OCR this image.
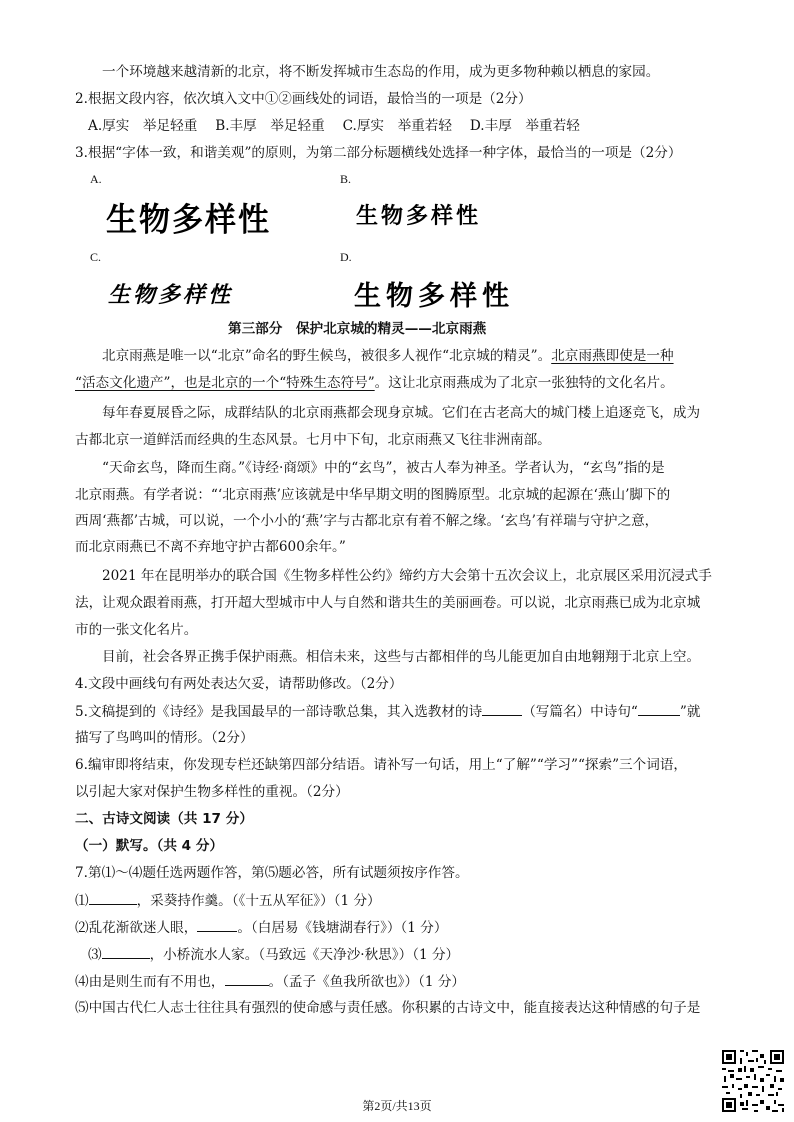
一个环境越来越清新的北京，将不断发挥城市生态岛的作用，成为更多物种赖以栖息的家园。
2.根据文段内容，依次填入文中①②画线处的词语，最恰当的一项是（2分）
A.厚实　举足轻重　 B.丰厚　举足轻重　 C.厚实　举重若轻　 D.丰厚　举重若轻
3.根据“字体一致，和谐美观”的原则，为第二部分标题横线处选择一种字体，最恰当的一项是（2分）
A.	B.
生物多样性	生物多样性
C.	D.
生物多样性	生物多样性
第三部分　保护北京城的精灵——北京雨燕
北京雨燕是唯一以“北京”命名的野生候鸟，被很多人视作“北京城的精灵”。北京雨燕即使是一种
“活态文化遗产”，也是北京的一个“特殊生态符号”。这让北京雨燕成为了北京一张独特的文化名片。
每年春夏展昏之际，成群结队的北京雨燕都会现身京城。它们在古老高大的城门楼上追逐竞飞，成为
古都北京一道鲜活而经典的生态风景。七月中下旬，北京雨燕又飞往非洲南部。
“天命玄鸟，降而生商。”《诗经·商颂》中的“玄鸟”，被古人奉为神圣。学者认为，“玄鸟”指的是
北京雨燕。有学者说：“‘北京雨燕’应该就是中华早期文明的图腾原型。北京城的起源在‘燕山’脚下的
西周‘燕都’古城，可以说，一个小小的‘燕’字与古都北京有着不解之缘。‘玄鸟’有祥瑞与守护之意，
而北京雨燕已不离不弃地守护古都600余年。”
2021 年在昆明举办的联合国《生物多样性公约》缔约方大会第十五次会议上，北京展区采用沉浸式手
法，让观众跟着雨燕，打开超大型城市中人与自然和谐共生的美丽画卷。可以说，北京雨燕已成为北京城
市的一张文化名片。
目前，社会各界正携手保护雨燕。相信未来，这些与古都相伴的鸟儿能更加自由地翱翔于北京上空。
4.文段中画线句有两处表达欠妥，请帮助修改。（2分）
5.文稿提到的《诗经》是我国最早的一部诗歌总集，其入选教材的诗	（写篇名）中诗句“	”就
描写了鸟鸣叫的情形。（2分）
6.编审即将结束，你发现专栏还缺第四部分结语。请补写一句话，用上“了解”“学习”“探索”三个词语，
以引起大家对保护生物多样性的重视。（2分）
二、古诗文阅读（共 17 分）
（一）默写。（共 4 分）
7.第⑴～⑷题任选两题作答，第⑸题必答，所有试题须按序作答。
⑴	，采葵持作羹。（《十五从军征》）（1 分）
⑵乱花渐欲迷人眼，	。（白居易《钱塘湖春行》）（1 分）
⑶	，小桥流水人家。（马致远《天净沙·秋思》）（1 分）
⑷由是则生而有不用也，	。（孟子《鱼我所欲也》）（1 分）
⑸中国古代仁人志士往往具有强烈的使命感与责任感。你积累的古诗文中，能直接表达这种情感的句子是
第2页/共13页
